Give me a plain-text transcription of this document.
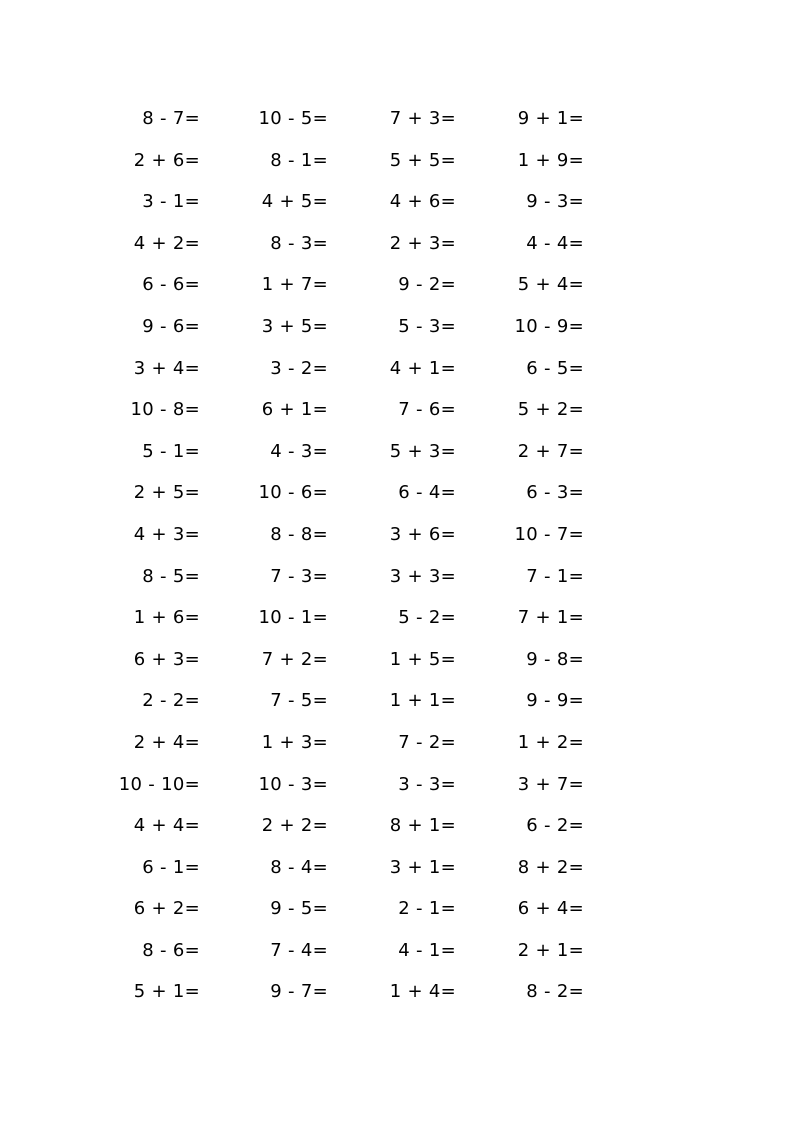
8 - 7=	10 - 5=	7 + 3=	9 + 1=
2 + 6=	8 - 1=	5 + 5=	1 + 9=
3 - 1=	4 + 5=	4 + 6=	9 - 3=
4 + 2=	8 - 3=	2 + 3=	4 - 4=
6 - 6=	1 + 7=	9 - 2=	5 + 4=
9 - 6=	3 + 5=	5 - 3=	10 - 9=
3 + 4=	3 - 2=	4 + 1=	6 - 5=
10 - 8=	6 + 1=	7 - 6=	5 + 2=
5 - 1=	4 - 3=	5 + 3=	2 + 7=
2 + 5=	10 - 6=	6 - 4=	6 - 3=
4 + 3=	8 - 8=	3 + 6=	10 - 7=
8 - 5=	7 - 3=	3 + 3=	7 - 1=
1 + 6=	10 - 1=	5 - 2=	7 + 1=
6 + 3=	7 + 2=	1 + 5=	9 - 8=
2 - 2=	7 - 5=	1 + 1=	9 - 9=
2 + 4=	1 + 3=	7 - 2=	1 + 2=
10 - 10=	10 - 3=	3 - 3=	3 + 7=
4 + 4=	2 + 2=	8 + 1=	6 - 2=
6 - 1=	8 - 4=	3 + 1=	8 + 2=
6 + 2=	9 - 5=	2 - 1=	6 + 4=
8 - 6=	7 - 4=	4 - 1=	2 + 1=
5 + 1=	9 - 7=	1 + 4=	8 - 2=
